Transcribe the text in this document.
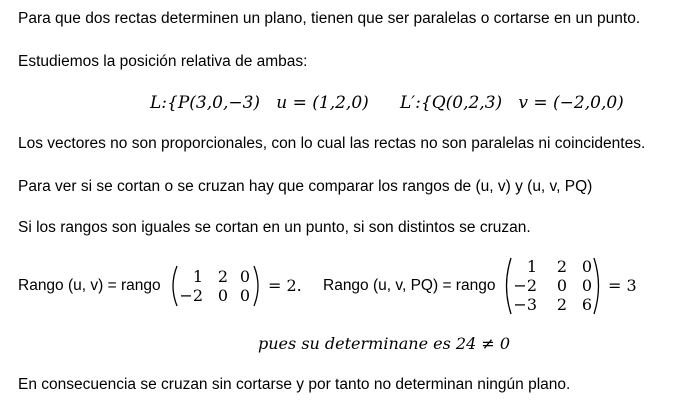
Para que dos rectas determinen un plano, tienen que ser paralelas o cortarse en un punto.
Estudiemos la posición relativa de ambas:
L:{P(3,0,−3) u = (1,2,0) L′:{Q(0,2,3) v = (−2,0,0)
Los vectores no son proporcionales, con lo cual las rectas no son paralelas ni coincidentes.
Para ver si se cortan o se cruzan hay que comparar los rangos de (u, v) y (u, v, PQ)
Si los rangos son iguales se cortan en un punto, si son distintos se cruzan.
Rango (u, v) = rango	1 2 0
−2 0 0
= 2. Rango (u, v, PQ) = rango
1	2 0
−2	0 0
−3	2 6
= 3
pues su determinane es 24 ≠ 0
En consecuencia se cruzan sin cortarse y por tanto no determinan ningún plano.
